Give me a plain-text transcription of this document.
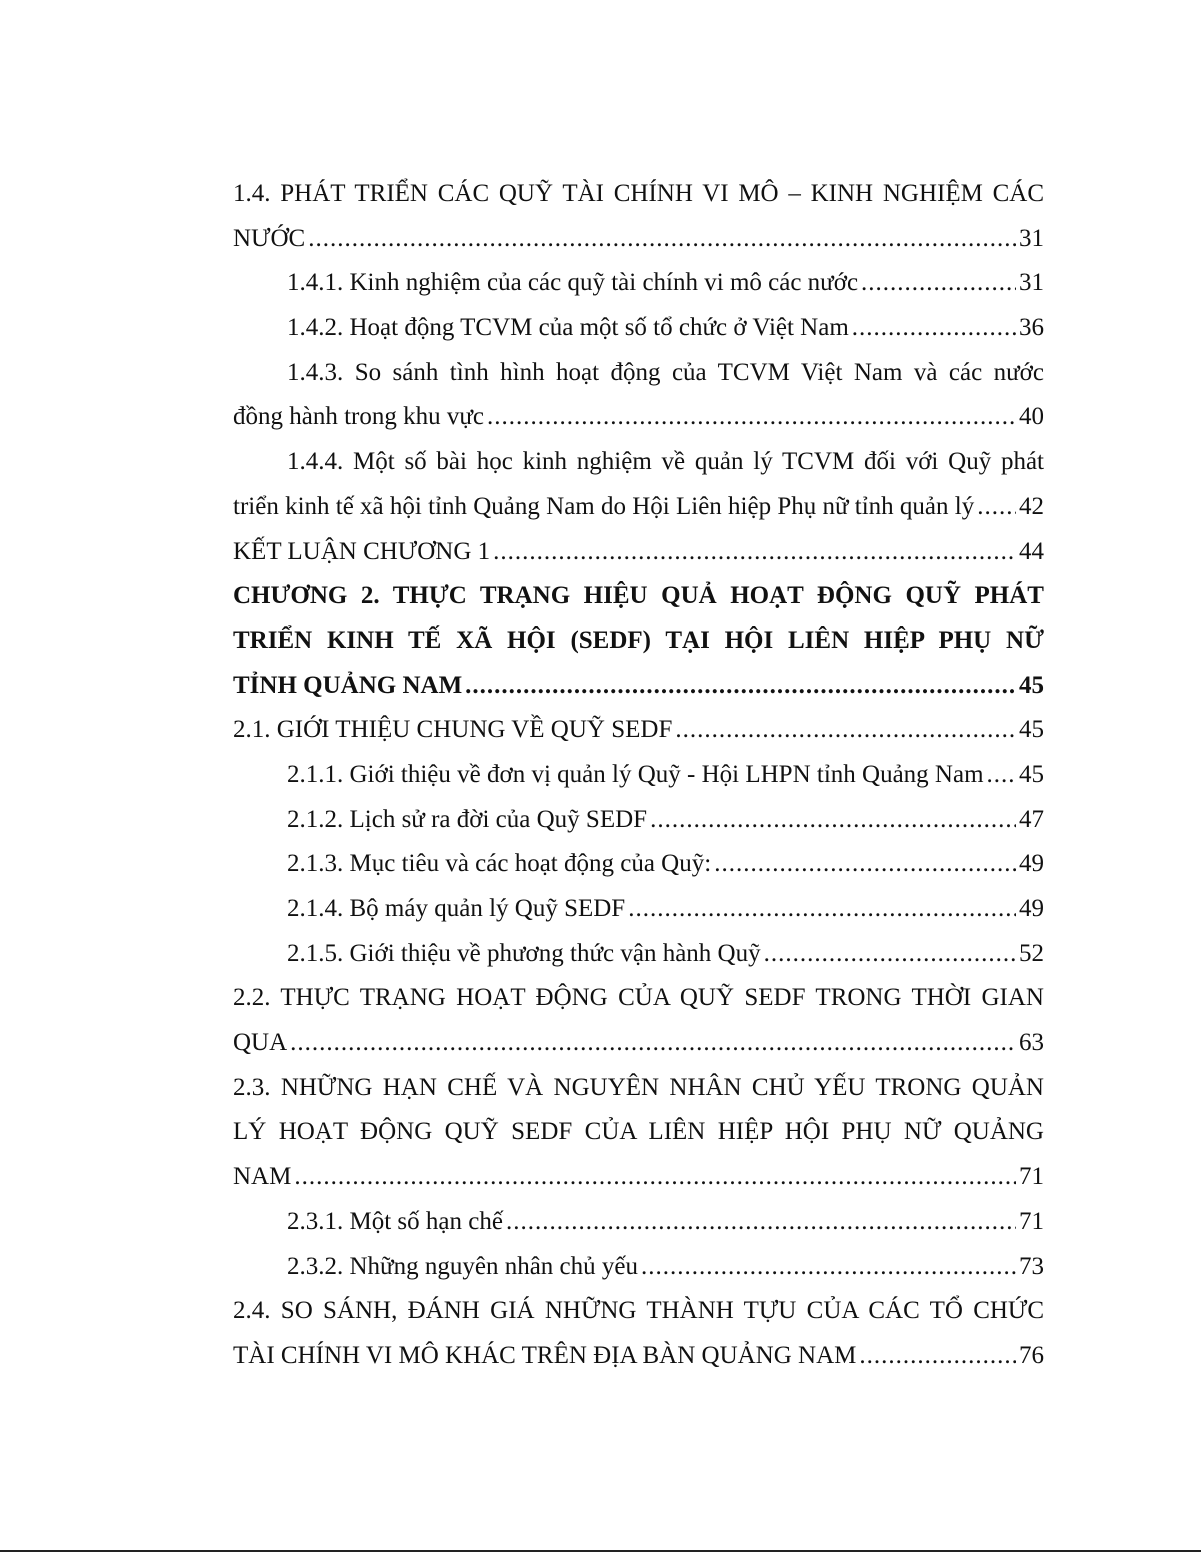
1.4. PHÁT TRIỂN CÁC QUỸ TÀI CHÍNH VI MÔ – KINH NGHIỆM CÁC
NƯỚC .....	31
1.4.1. Kinh nghiệm của các quỹ tài chính vi mô các nước .....	31
1.4.2. Hoạt động TCVM của một số tổ chức ở Việt Nam .....	36
1.4.3. So sánh tình hình hoạt động của TCVM Việt Nam và các nước
đồng hành trong khu vực .....	40
1.4.4. Một số bài học kinh nghiệm về quản lý TCVM đối với Quỹ phát
triển kinh tế xã hội tỉnh Quảng Nam do Hội Liên hiệp Phụ nữ tỉnh quản lý ..... 42
KẾT LUẬN CHƯƠNG 1 .....	44
CHƯƠNG 2. THỰC TRẠNG HIỆU QUẢ HOẠT ĐỘNG QUỸ PHÁT
TRIỂN KINH TẾ XÃ HỘI (SEDF) TẠI HỘI LIÊN HIỆP PHỤ NỮ
TỈNH QUẢNG NAM .....	45
2.1. GIỚI THIỆU CHUNG VỀ QUỸ SEDF .....	45
2.1.1. Giới thiệu về đơn vị quản lý Quỹ - Hội LHPN tỉnh Quảng Nam ..... 45
2.1.2. Lịch sử ra đời của Quỹ SEDF .....	47
2.1.3. Mục tiêu và các hoạt động của Quỹ: .....	49
2.1.4. Bộ máy quản lý Quỹ SEDF .....	49
2.1.5. Giới thiệu về phương thức vận hành Quỹ .....	52
2.2. THỰC TRẠNG HOẠT ĐỘNG CỦA QUỸ SEDF TRONG THỜI GIAN
QUA .....	63
2.3. NHỮNG HẠN CHẾ VÀ NGUYÊN NHÂN CHỦ YẾU TRONG QUẢN
LÝ HOẠT ĐỘNG QUỸ SEDF CỦA LIÊN HIỆP HỘI PHỤ NỮ QUẢNG
NAM .....	71
2.3.1. Một số hạn chế .....	71
2.3.2. Những nguyên nhân chủ yếu .....	73
2.4. SO SÁNH, ĐÁNH GIÁ NHỮNG THÀNH TỰU CỦA CÁC TỔ CHỨC
TÀI CHÍNH VI MÔ KHÁC TRÊN ĐỊA BÀN QUẢNG NAM .....	76
